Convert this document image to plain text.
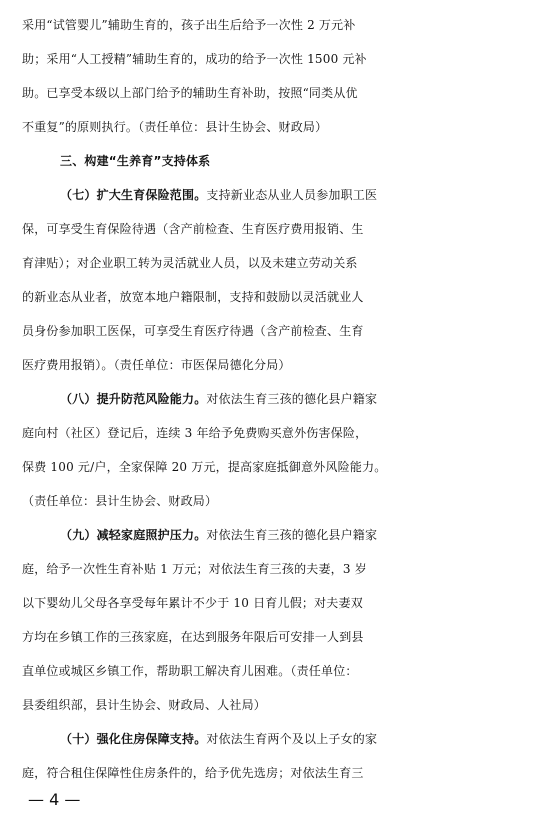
采用“试管婴儿”辅助生育的，孩子出生后给予一次性 2 万元补
助；采用“人工授精”辅助生育的，成功的给予一次性 1500 元补
助。已享受本级以上部门给予的辅助生育补助，按照“同类从优
不重复”的原则执行。（责任单位：县计生协会、财政局）
三、构建“生养育”支持体系
（七）扩大生育保险范围。支持新业态从业人员参加职工医
保，可享受生育保险待遇（含产前检查、生育医疗费用报销、生
育津贴）；对企业职工转为灵活就业人员，以及未建立劳动关系
的新业态从业者，放宽本地户籍限制，支持和鼓励以灵活就业人
员身份参加职工医保，可享受生育医疗待遇（含产前检查、生育
医疗费用报销）。（责任单位：市医保局德化分局）
（八）提升防范风险能力。对依法生育三孩的德化县户籍家
庭向村（社区）登记后，连续 3 年给予免费购买意外伤害保险，
保费 100 元/户，全家保障 20 万元，提高家庭抵御意外风险能力。
（责任单位：县计生协会、财政局）
（九）减轻家庭照护压力。对依法生育三孩的德化县户籍家
庭，给予一次性生育补贴 1 万元；对依法生育三孩的夫妻，3 岁
以下婴幼儿父母各享受每年累计不少于 10 日育儿假；对夫妻双
方均在乡镇工作的三孩家庭，在达到服务年限后可安排一人到县
直单位或城区乡镇工作，帮助职工解决育儿困难。（责任单位：
县委组织部，县计生协会、财政局、人社局）
（十）强化住房保障支持。对依法生育两个及以上子女的家
庭，符合租住保障性住房条件的，给予优先选房；对依法生育三
— 4 —
